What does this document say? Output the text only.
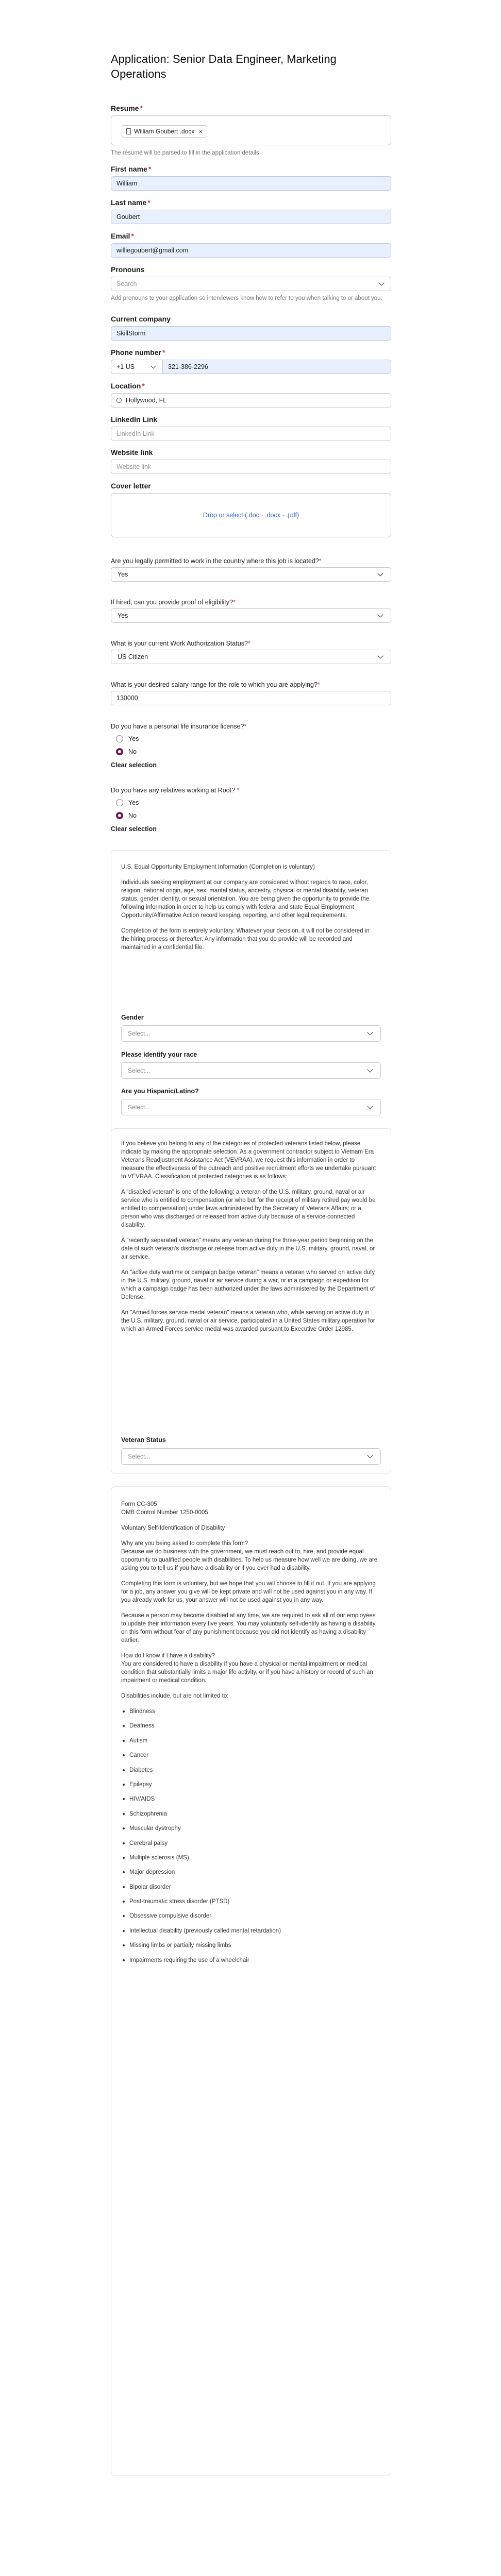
Application: Senior Data Engineer, Marketing Operations
Resume *
William Goubert .docx ×
The résumé will be parsed to fill in the application details
First name *
William
Last name *
Goubert
Email *
williegoubert@gmail.com
Pronouns
Search
Add pronouns to your application so interviewers know how to refer to you when talking to or about you.
Current company
SkillStorm
Phone number *
+1 US	321-386-2296
Location *
Hollywood, FL
LinkedIn Link
LinkedIn Link
Website link
Website link
Cover letter
Drop or select (.doc · .docx · .pdf)
Are you legally permitted to work in the country where this job is located?*
Yes
If hired, can you provide proof of eligibility?*
Yes
What is your current Work Authorization Status?*
US Citizen
What is your desired salary range for the role to which you are applying?*
130000
Do you have a personal life insurance license?*
Yes
No
Clear selection
Do you have any relatives working at Root? *
Yes
No
Clear selection

U.S. Equal Opportunity Employment Information (Completion is voluntary)

Individuals seeking employment at our company are considered without regards to race, color, religion, national origin, age, sex, marital status, ancestry, physical or mental disability, veteran status, gender identity, or sexual orientation. You are being given the opportunity to provide the following information in order to help us comply with federal and state Equal Employment Opportunity/Affirmative Action record keeping, reporting, and other legal requirements.

Completion of the form is entirely voluntary. Whatever your decision, it will not be considered in the hiring process or thereafter. Any information that you do provide will be recorded and maintained in a confidential file.

Gender
Select...
Please identify your race
Select...
Are you Hispanic/Latino?
Select...

If you believe you belong to any of the categories of protected veterans listed below, please indicate by making the appropriate selection. As a government contractor subject to Vietnam Era Veterans Readjustment Assistance Act (VEVRAA), we request this information in order to measure the effectiveness of the outreach and positive recruitment efforts we undertake pursuant to VEVRAA. Classification of protected categories is as follows:

A "disabled veteran" is one of the following: a veteran of the U.S. military, ground, naval or air service who is entitled to compensation (or who but for the receipt of military retired pay would be entitled to compensation) under laws administered by the Secretary of Veterans Affairs; or a person who was discharged or released from active duty because of a service-connected disability.

A "recently separated veteran" means any veteran during the three-year period beginning on the date of such veteran's discharge or release from active duty in the U.S. military, ground, naval, or air service.

An "active duty wartime or campaign badge veteran" means a veteran who served on active duty in the U.S. military, ground, naval or air service during a war, or in a campaign or expedition for which a campaign badge has been authorized under the laws administered by the Department of Defense.

An "Armed forces service medal veteran" means a veteran who, while serving on active duty in the U.S. military, ground, naval or air service, participated in a United States military operation for which an Armed Forces service medal was awarded pursuant to Executive Order 12985.

Veteran Status
Select...

Form CC-305

OMB Control Number 1250-0005

Voluntary Self-Identification of Disability

Why are you being asked to complete this form?

Because we do business with the government, we must reach out to, hire, and provide equal opportunity to qualified people with disabilities. To help us measure how well we are doing, we are asking you to tell us if you have a disability or if you ever had a disability.

Completing this form is voluntary, but we hope that you will choose to fill it out. If you are applying for a job, any answer you give will be kept private and will not be used against you in any way. If you already work for us, your answer will not be used against you in any way.

Because a person may become disabled at any time, we are required to ask all of our employees to update their information every five years. You may voluntarily self-identify as having a disability on this form without fear of any punishment because you did not identify as having a disability earlier.

How do I know if I have a disability?

You are considered to have a disability if you have a physical or mental impairment or medical condition that substantially limits a major life activity, or if you have a history or record of such an impairment or medical condition.

Disabilities include, but are not limited to:

Blindness
Deafness
Autism
Cancer
Diabetes
Epilepsy
HIV/AIDS
Schizophrenia
Muscular dystrophy
Cerebral palsy
Multiple sclerosis (MS)
Major depression
Bipolar disorder
Post-traumatic stress disorder (PTSD)
Obsessive compulsive disorder
Intellectual disability (previously called mental retardation)
Missing limbs or partially missing limbs
Impairments requiring the use of a wheelchair
